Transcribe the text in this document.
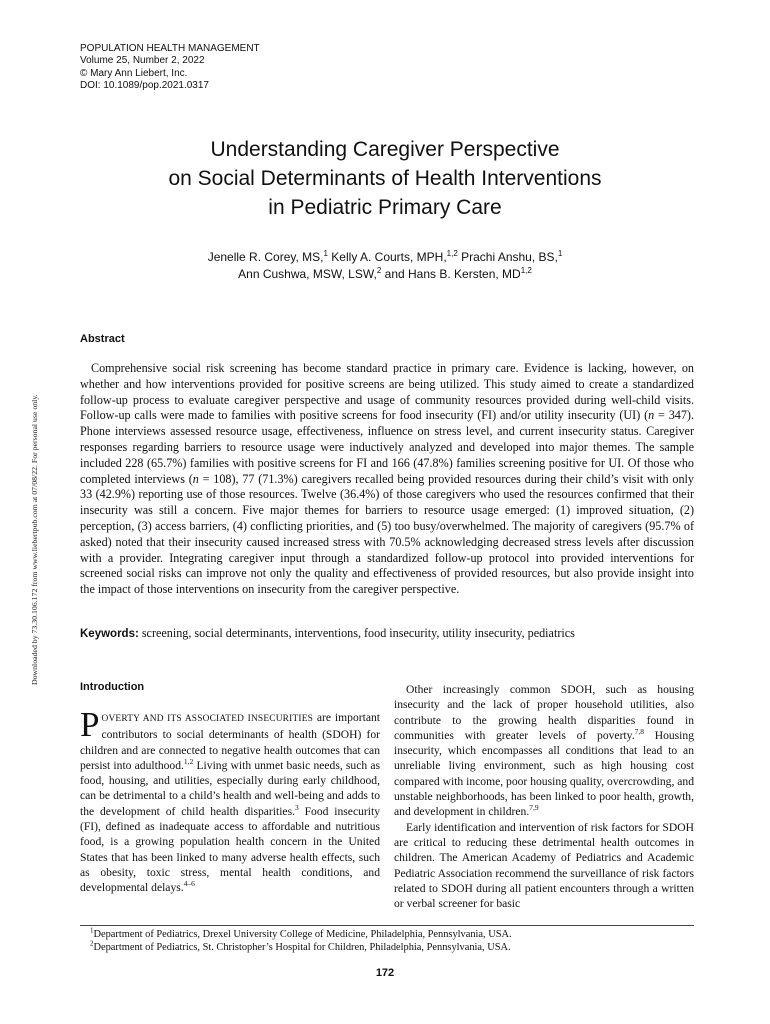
POPULATION HEALTH MANAGEMENT
Volume 25, Number 2, 2022
© Mary Ann Liebert, Inc.
DOI: 10.1089/pop.2021.0317
Understanding Caregiver Perspective
on Social Determinants of Health Interventions
in Pediatric Primary Care
Jenelle R. Corey, MS,$^1$ Kelly A. Courts, MPH,$^{1,2}$ Prachi Anshu, BS,$^1$
Ann Cushwa, MSW, LSW,$^2$ and Hans B. Kersten, MD$^{1,2}$
Downloaded by 73.30.106.172 from www.liebertpub.com at 07/08/22. For personal use only.
Abstract

Comprehensive social risk screening has become standard practice in primary care. Evidence is lacking, however, on whether and how interventions provided for positive screens are being utilized. This study aimed to create a standardized follow-up process to evaluate caregiver perspective and usage of community resources provided during well-child visits. Follow-up calls were made to families with positive screens for food insecurity (FI) and/or utility insecurity (UI) (n = 347). Phone interviews assessed resource usage, effectiveness, influence on stress level, and current insecurity status. Caregiver responses regarding barriers to resource usage were inductively analyzed and developed into major themes. The sample included 228 (65.7%) families with positive screens for FI and 166 (47.8%) families screening positive for UI. Of those who completed interviews (n = 108), 77 (71.3%) caregivers recalled being provided resources during their child’s visit with only 33 (42.9%) reporting use of those resources. Twelve (36.4%) of those caregivers who used the resources confirmed that their insecurity was still a concern. Five major themes for barriers to resource usage emerged: (1) improved situation, (2) perception, (3) access barriers, (4) conflicting priorities, and (5) too busy/overwhelmed. The majority of caregivers (95.7% of asked) noted that their insecurity caused increased stress with 70.5% acknowledging decreased stress levels after discussion with a provider. Integrating caregiver input through a standardized follow-up protocol into provided interventions for screened social risks can improve not only the quality and effectiveness of provided resources, but also provide insight into the impact of those interventions on insecurity from the caregiver perspective.

Keywords: screening, social determinants, interventions, food insecurity, utility insecurity, pediatrics

Introduction

POVERTY AND ITS ASSOCIATED INSECURITIES are important contributors to social determinants of health (SDOH) for children and are connected to negative health outcomes that can persist into adulthood.$^{1,2}$ Living with unmet basic needs, such as food, housing, and utilities, especially during early childhood, can be detrimental to a child’s health and well-being and adds to the development of child health disparities.$^3$ Food insecurity (FI), defined as inadequate access to affordable and nutritious food, is a growing population health concern in the United States that has been linked to many adverse health effects, such as obesity, toxic stress, mental health conditions, and developmental delays.$^{4-6}$

Other increasingly common SDOH, such as housing insecurity and the lack of proper household utilities, also contribute to the growing health disparities found in communities with greater levels of poverty.$^{7,8}$ Housing insecurity, which encompasses all conditions that lead to an unreliable living environment, such as high housing cost compared with income, poor housing quality, overcrowding, and unstable neighborhoods, has been linked to poor health, growth, and development in children.$^{7,9}$

Early identification and intervention of risk factors for SDOH are critical to reducing these detrimental health outcomes in children. The American Academy of Pediatrics and Academic Pediatric Association recommend the surveillance of risk factors related to SDOH during all patient encounters through a written or verbal screener for basic

$^1$Department of Pediatrics, Drexel University College of Medicine, Philadelphia, Pennsylvania, USA.
$^2$Department of Pediatrics, St. Christopher’s Hospital for Children, Philadelphia, Pennsylvania, USA.
172
